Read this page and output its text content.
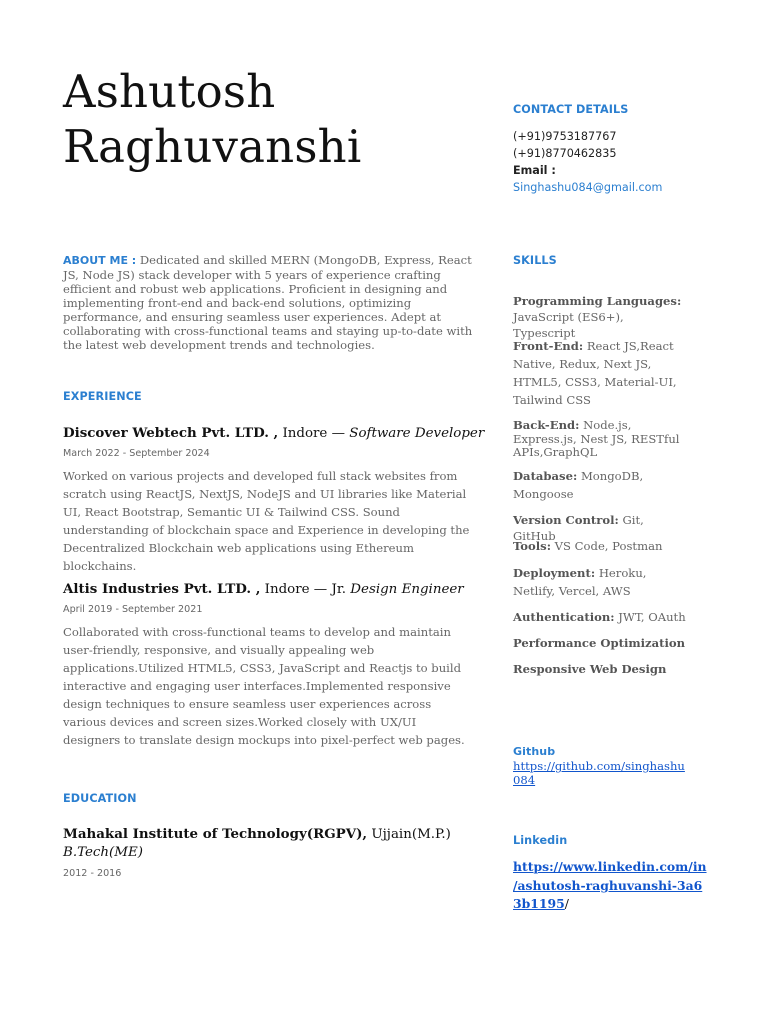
Ashutosh
Raghuvanshi
CONTACT DETAILS
(+91)9753187767
(+91)8770462835
Email :
Singhashu084@gmail.com
ABOUT ME : Dedicated and skilled MERN (MongoDB, Express, React JS, Node JS) stack developer with 5 years of experience crafting efficient and robust web applications. Proficient in designing and implementing front-end and back-end solutions, optimizing performance, and ensuring seamless user experiences. Adept at collaborating with cross-functional teams and staying up-to-date with the latest web development trends and technologies.
EXPERIENCE
Discover Webtech Pvt. LTD. , Indore — Software Developer
March 2022 - September 2024
Worked on various projects and developed full stack websites from scratch using ReactJS, NextJS, NodeJS and UI libraries like Material UI, React Bootstrap, Semantic UI & Tailwind CSS. Sound understanding of blockchain space and Experience in developing the Decentralized Blockchain web applications using Ethereum blockchains.
Altis Industries Pvt. LTD. , Indore — Jr. Design Engineer
April 2019 - September 2021
Collaborated with cross-functional teams to develop and maintain user-friendly, responsive, and visually appealing web applications.Utilized HTML5, CSS3, JavaScript and Reactjs to build interactive and engaging user interfaces.Implemented responsive design techniques to ensure seamless user experiences across various devices and screen sizes.Worked closely with UX/UI designers to translate design mockups into pixel-perfect web pages.
EDUCATION
Mahakal Institute of Technology(RGPV), Ujjain(M.P.)
B.Tech(ME)
2012 - 2016
SKILLS
Programming Languages: JavaScript (ES6+), Typescript
Front-End: React JS,React Native, Redux, Next JS, HTML5, CSS3, Material-UI, Tailwind CSS
Back-End: Node.js, Express.js, Nest JS, RESTful APIs,GraphQL
Database: MongoDB, Mongoose
Version Control: Git, GitHub
Tools: VS Code, Postman
Deployment: Heroku, Netlify, Vercel, AWS
Authentication: JWT, OAuth
Performance Optimization
Responsive Web Design
Github
https://github.com/singhashu
084
Linkedin
https://www.linkedin.com/in
/ashutosh-raghuvanshi-3a6
3b1195/
